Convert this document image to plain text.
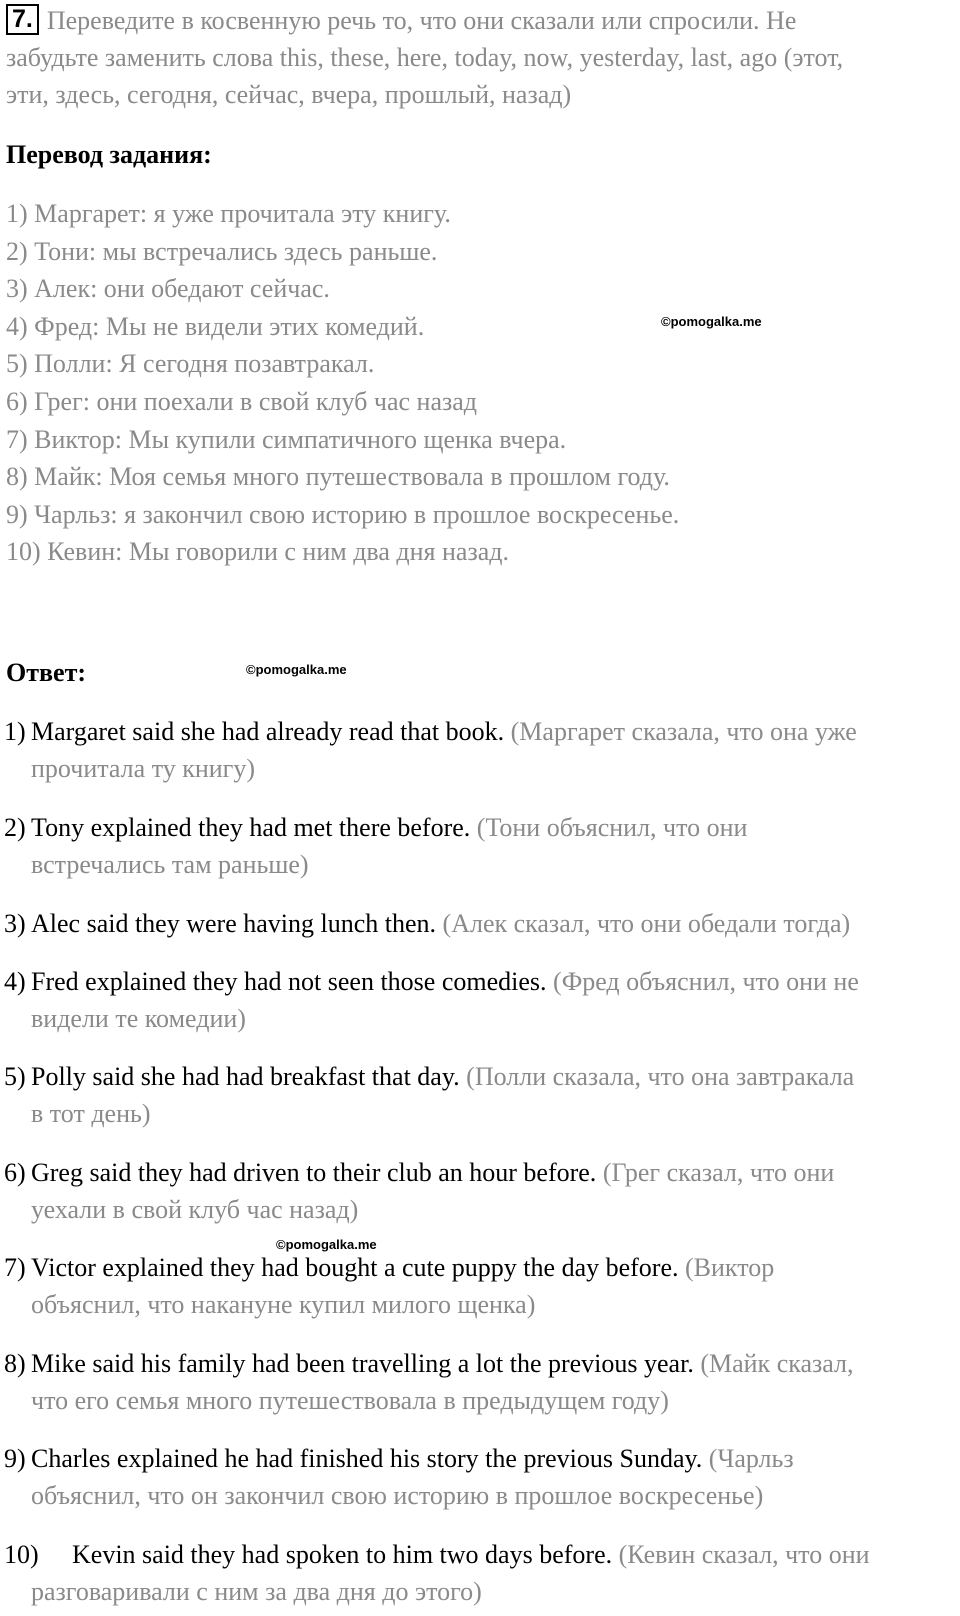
7. Переведите в косвенную речь то, что они сказали или спросили. Не
забудьте заменить слова this, these, here, today, now, yesterday, last, ago (этот,
эти, здесь, сегодня, сейчас, вчера, прошлый, назад)
Перевод задания:
1) Маргарет: я уже прочитала эту книгу.
2) Тони: мы встречались здесь раньше.
3) Алек: они обедают сейчас.
4) Фред: Мы не видели этих комедий.
5) Полли: Я сегодня позавтракал.
6) Грег: они поехали в свой клуб час назад
7) Виктор: Мы купили симпатичного щенка вчера.
8) Майк: Моя семья много путешествовала в прошлом году.
9) Чарльз: я закончил свою историю в прошлое воскресенье.
10) Кевин: Мы говорили с ним два дня назад.
©pomogalka.me
©pomogalka.me
©pomogalka.me
Ответ:
1) Margaret said she had already read that book. (Маргарет сказала, что она уже
прочитала ту книгу)
2) Tony explained they had met there before. (Тони объяснил, что они
встречались там раньше)
3) Alec said they were having lunch then. (Алек сказал, что они обедали тогда)
4) Fred explained they had not seen those comedies. (Фред объяснил, что они не
видели те комедии)
5) Polly said she had had breakfast that day. (Полли сказала, что она завтракала
в тот день)
6) Greg said they had driven to their club an hour before. (Грег сказал, что они
уехали в свой клуб час назад)
7) Victor explained they had bought a cute puppy the day before. (Виктор
объяснил, что накануне купил милого щенка)
8) Mike said his family had been travelling a lot the previous year. (Майк сказал,
что его семья много путешествовала в предыдущем году)
9) Charles explained he had finished his story the previous Sunday. (Чарльз
объяснил, что он закончил свою историю в прошлое воскресенье)
10) Kevin said they had spoken to him two days before. (Кевин сказал, что они
разговаривали с ним за два дня до этого)
